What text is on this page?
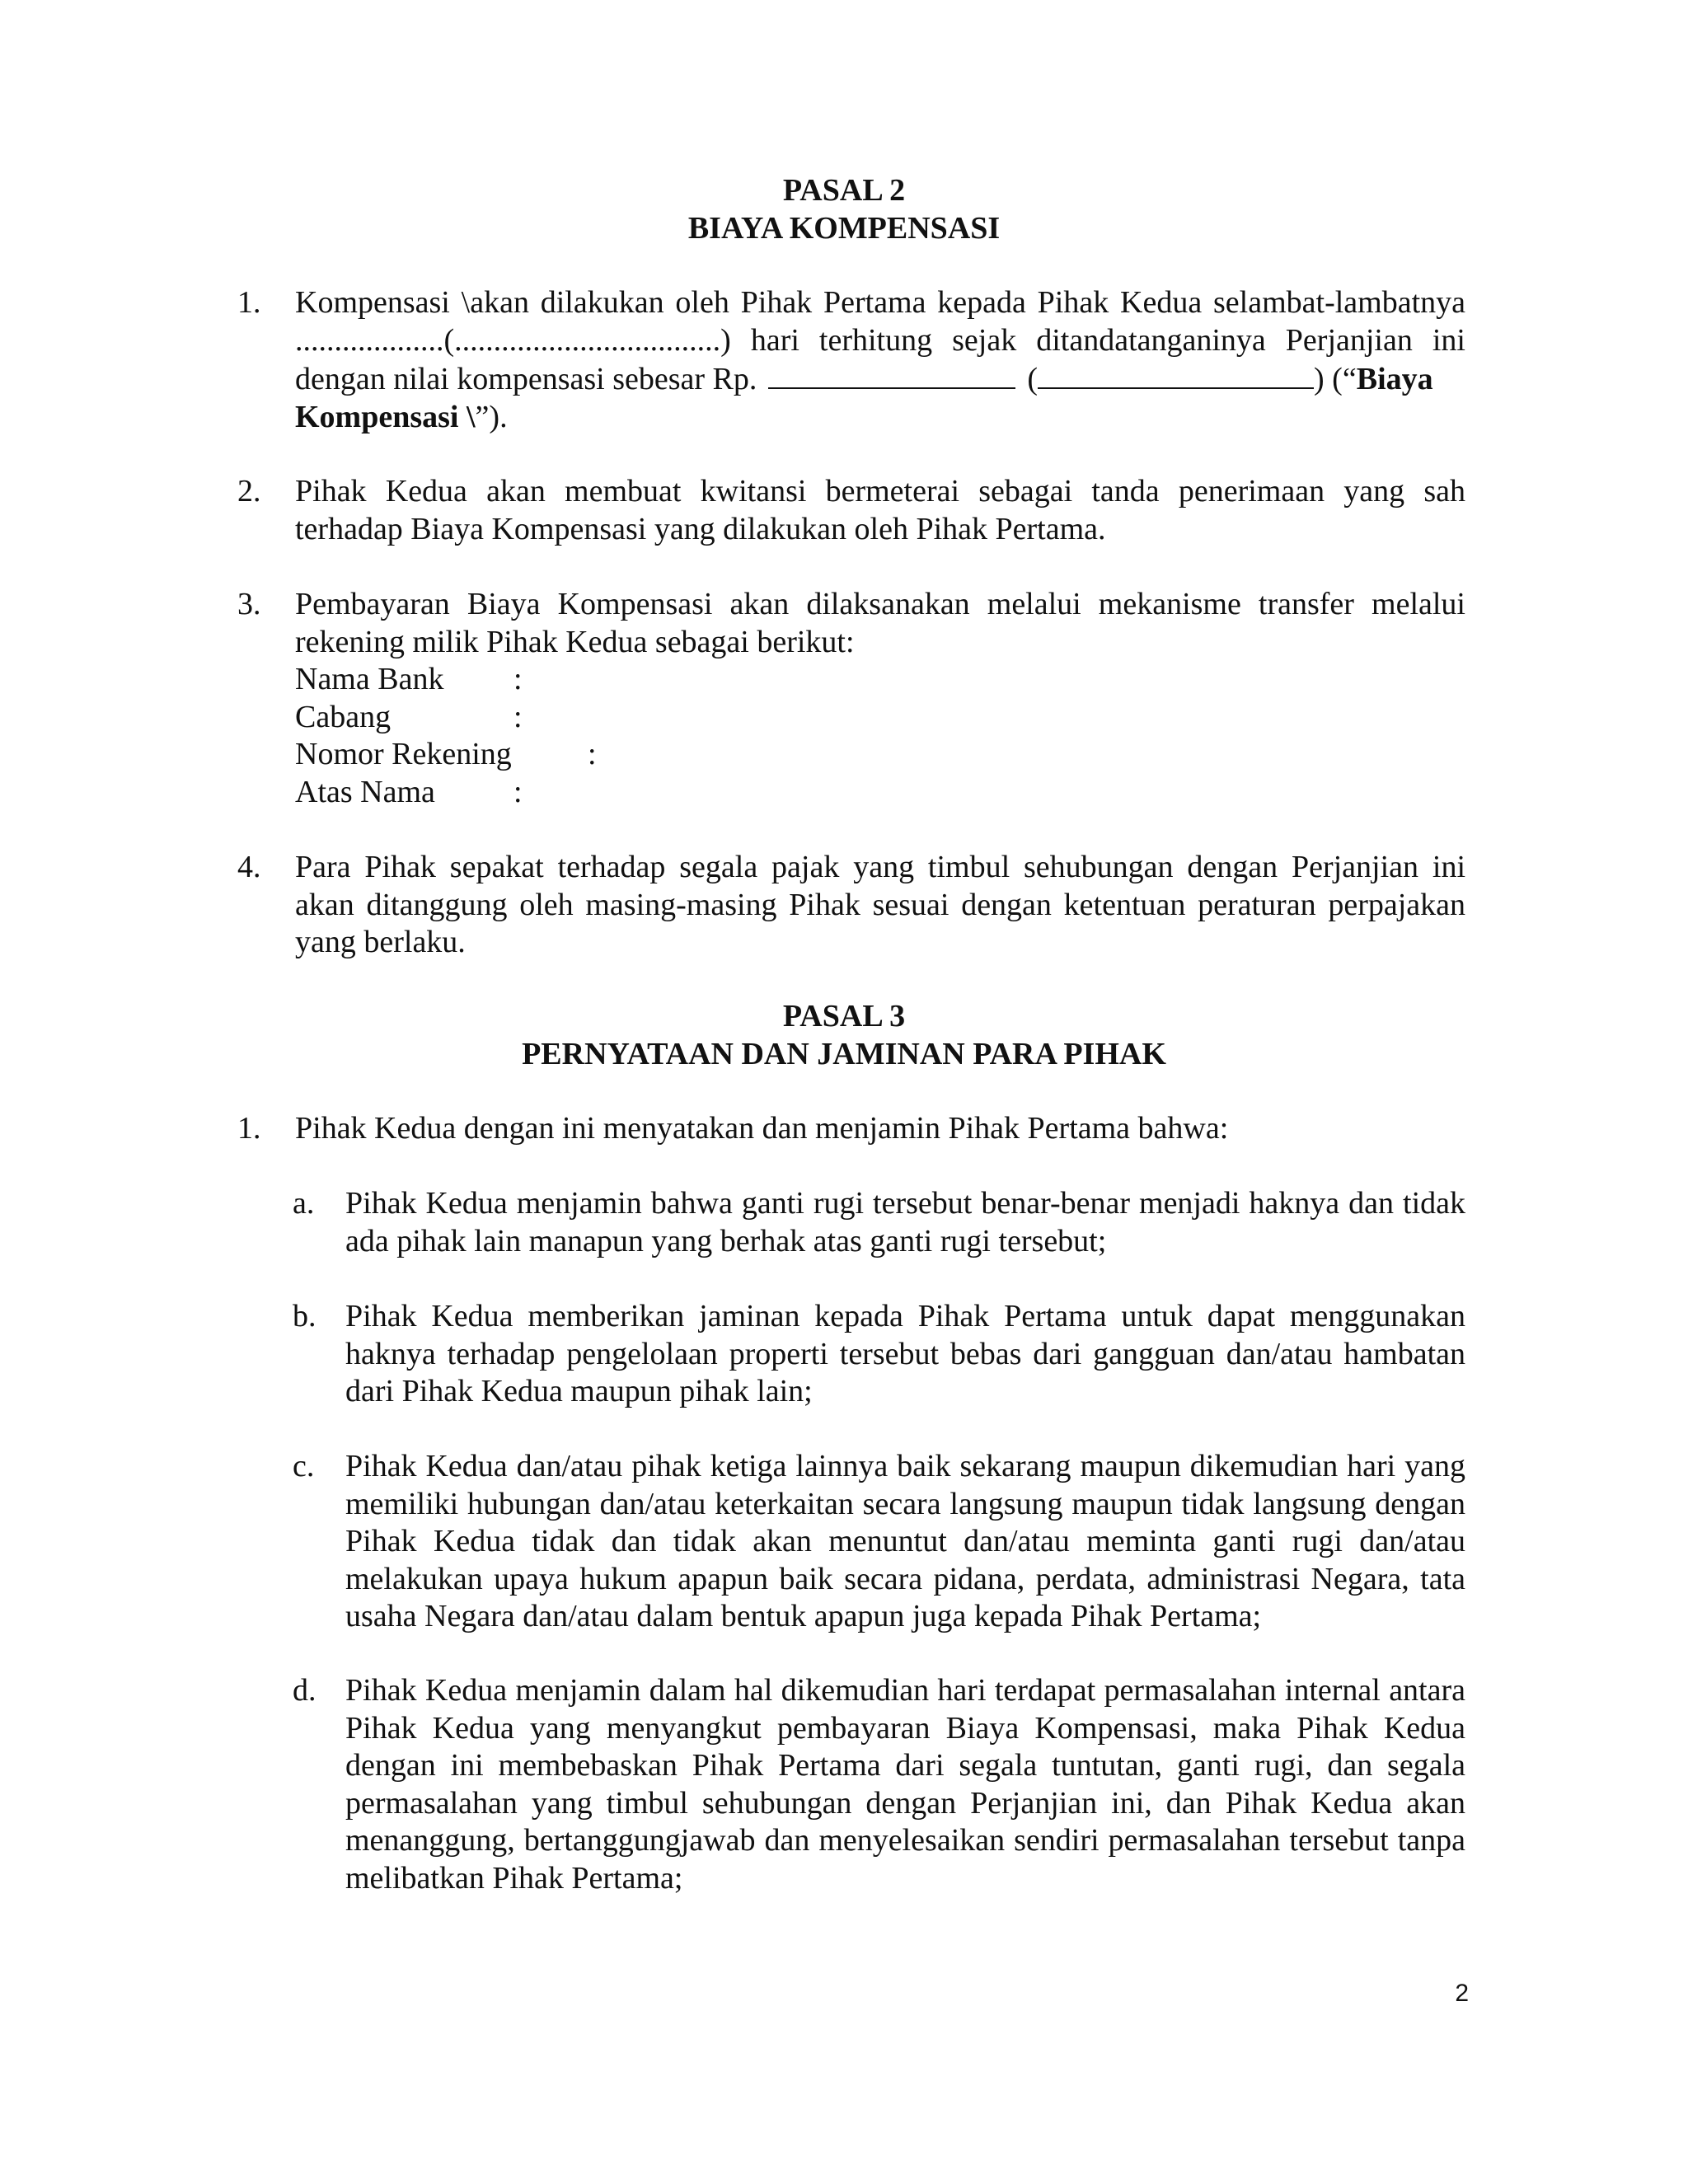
PASAL 2
BIAYA KOMPENSASI
1.	Kompensasi \akan dilakukan oleh Pihak Pertama kepada Pihak Kedua selambat-lambatnya
...................(..................................) hari terhitung sejak ditandatanganinya Perjanjian ini
dengan nilai kompensasi sebesar Rp.	(	) (“Biaya
Kompensasi \”).
2.	Pihak Kedua akan membuat kwitansi bermeterai sebagai tanda penerimaan yang sah terhadap Biaya Kompensasi yang dilakukan oleh Pihak Pertama.
3.	Pembayaran Biaya Kompensasi akan dilaksanakan melalui mekanisme transfer melalui rekening milik Pihak Kedua sebagai berikut:
Nama Bank :
Cabang	:
Nomor Rekening :
Atas Nama	:
4.	Para Pihak sepakat terhadap segala pajak yang timbul sehubungan dengan Perjanjian ini akan ditanggung oleh masing-masing Pihak sesuai dengan ketentuan peraturan perpajakan yang berlaku.
PASAL 3
PERNYATAAN DAN JAMINAN PARA PIHAK
1.	Pihak Kedua dengan ini menyatakan dan menjamin Pihak Pertama bahwa:
a. Pihak Kedua menjamin bahwa ganti rugi tersebut benar-benar menjadi haknya dan tidak ada pihak lain manapun yang berhak atas ganti rugi tersebut;
b. Pihak Kedua memberikan jaminan kepada Pihak Pertama untuk dapat menggunakan haknya terhadap pengelolaan properti tersebut bebas dari gangguan dan/atau hambatan dari Pihak Kedua maupun pihak lain;
c. Pihak Kedua dan/atau pihak ketiga lainnya baik sekarang maupun dikemudian hari yang memiliki hubungan dan/atau keterkaitan secara langsung maupun tidak langsung dengan Pihak Kedua tidak dan tidak akan menuntut dan/atau meminta ganti rugi dan/atau melakukan upaya hukum apapun baik secara pidana, perdata, administrasi Negara, tata usaha Negara dan/atau dalam bentuk apapun juga kepada Pihak Pertama;
d. Pihak Kedua menjamin dalam hal dikemudian hari terdapat permasalahan internal antara Pihak Kedua yang menyangkut pembayaran Biaya Kompensasi, maka Pihak Kedua dengan ini membebaskan Pihak Pertama dari segala tuntutan, ganti rugi, dan segala permasalahan yang timbul sehubungan dengan Perjanjian ini, dan Pihak Kedua akan menanggung, bertanggungjawab dan menyelesaikan sendiri permasalahan tersebut tanpa melibatkan Pihak Pertama;
2
